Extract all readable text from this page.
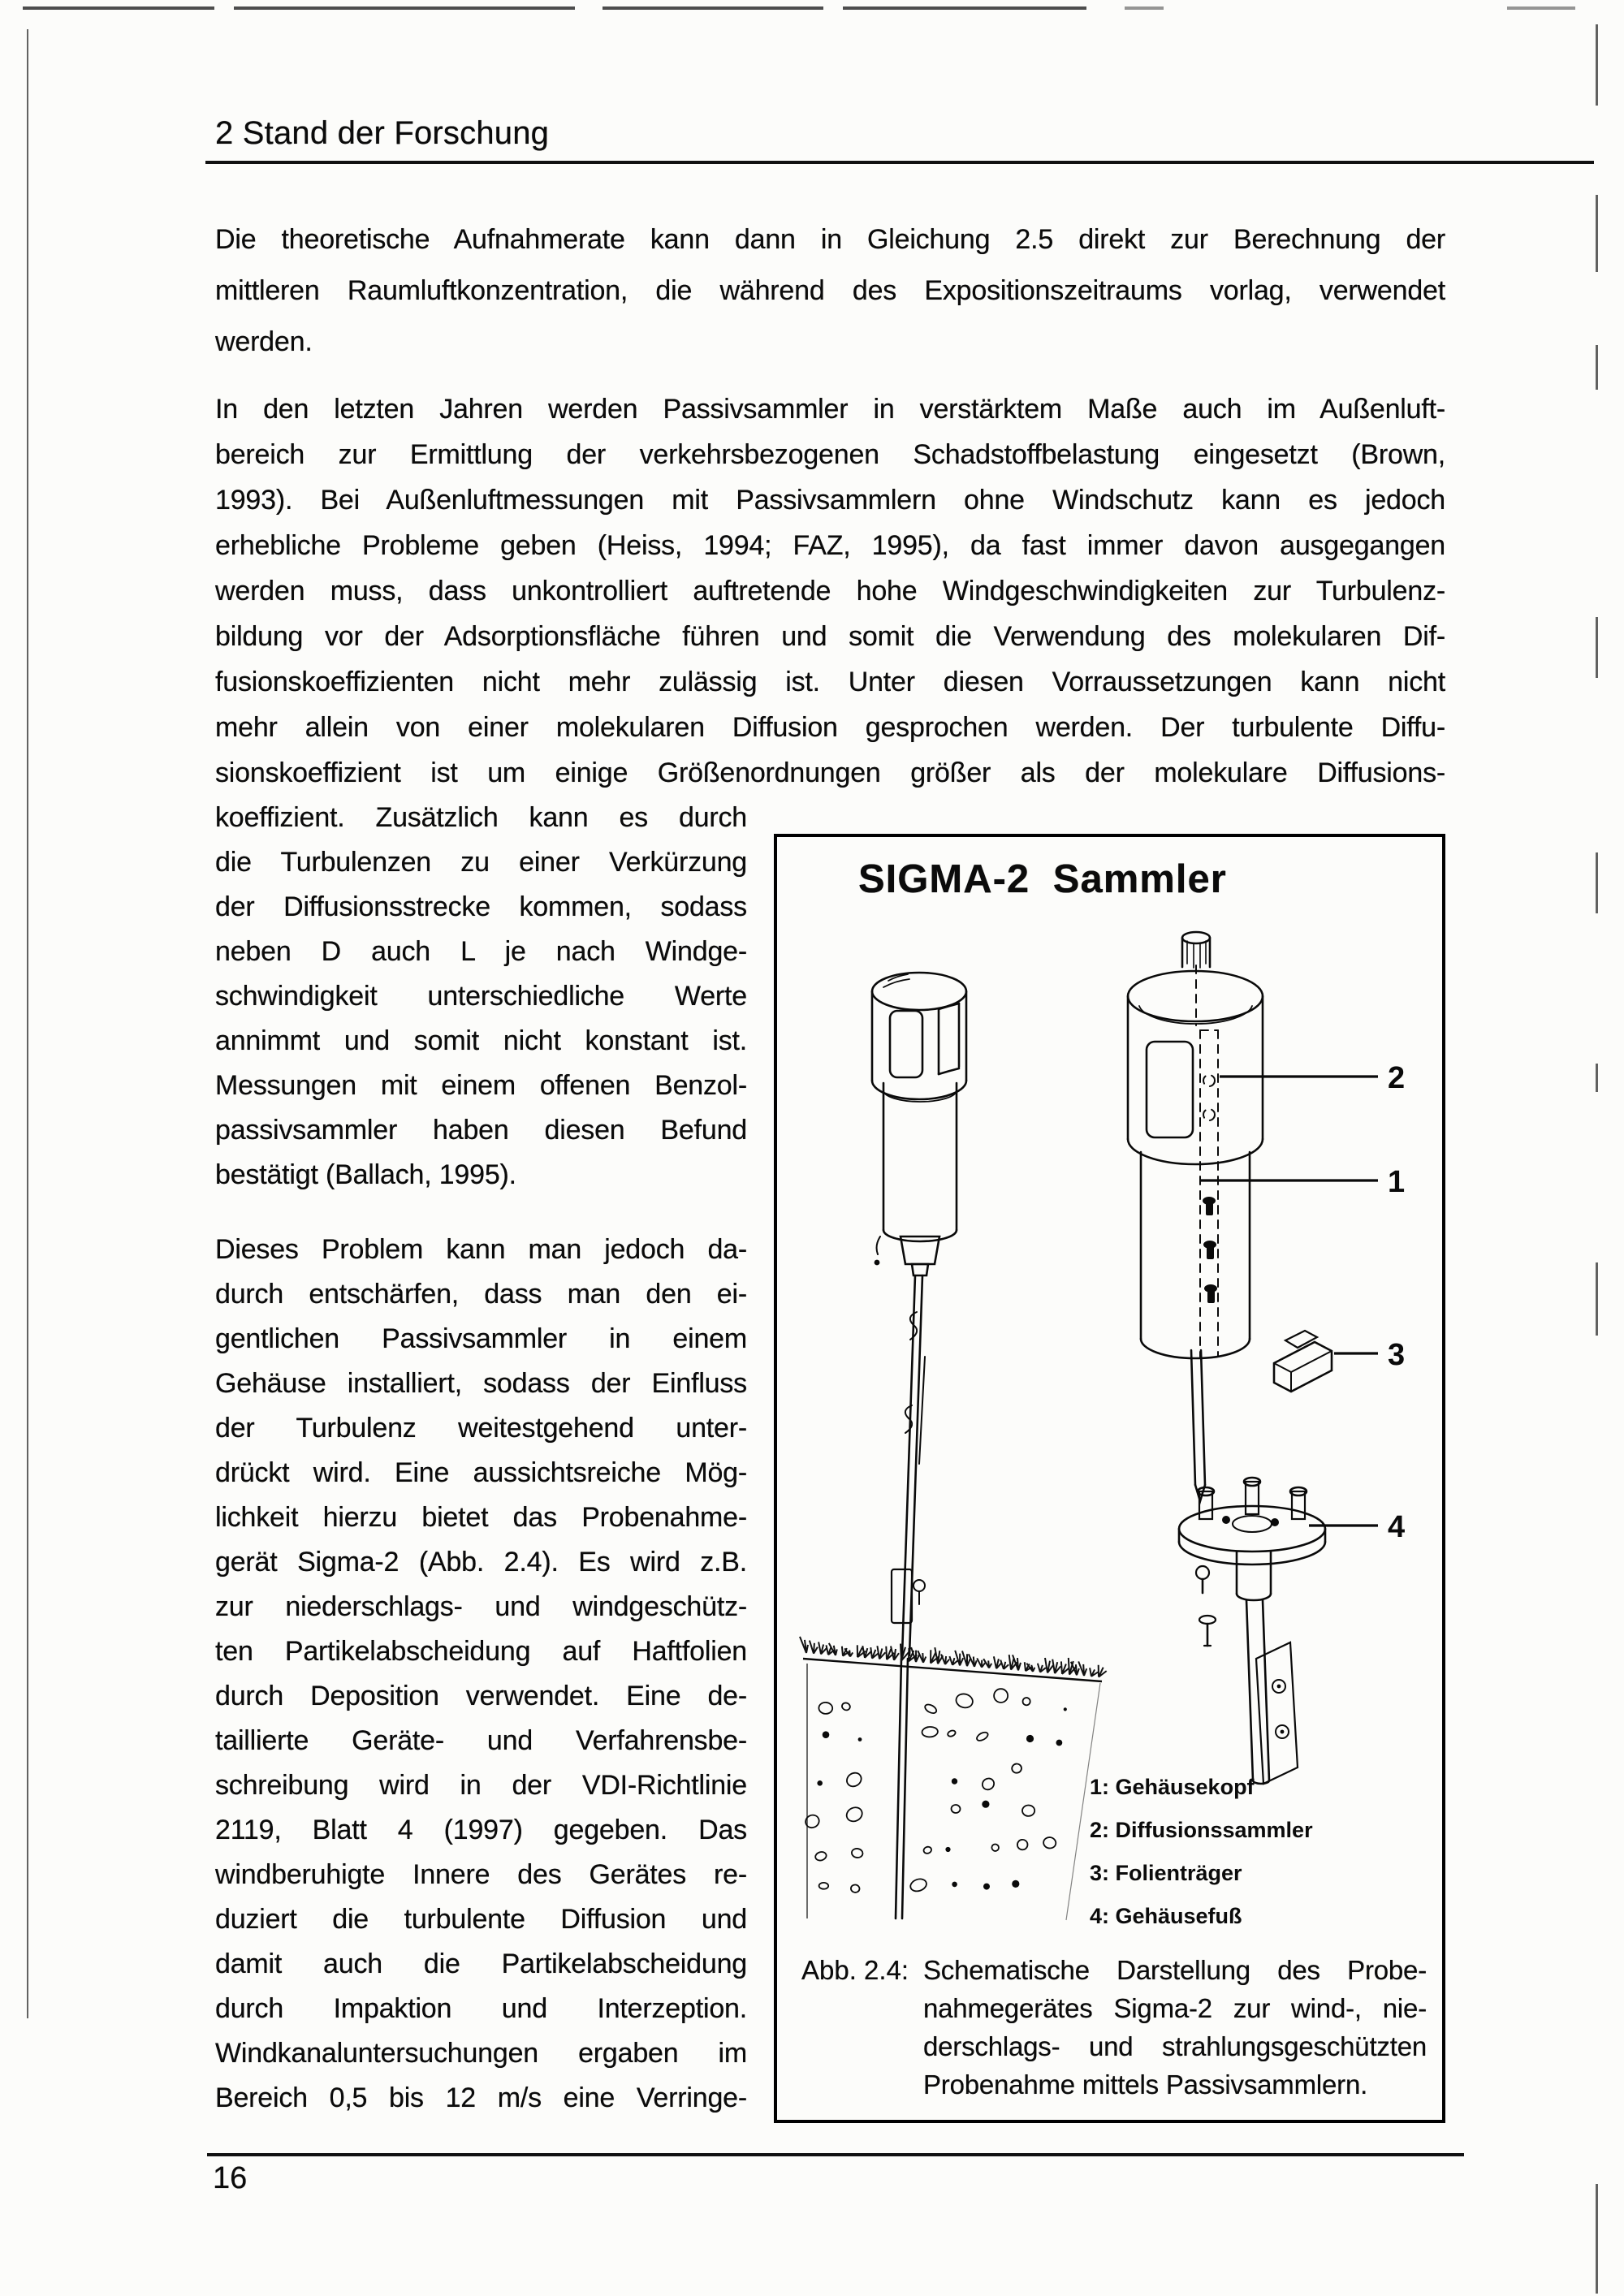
2 Stand der Forschung
Die theoretische Aufnahmerate kann dann in Gleichung 2.5 direkt zur Berechnung der
mittleren Raumluftkonzentration, die während des Expositionszeitraums vorlag, verwendet
werden.
In den letzten Jahren werden Passivsammler in verstärktem Maße auch im Außenluft-
bereich zur Ermittlung der verkehrsbezogenen Schadstoffbelastung eingesetzt (Brown,
1993). Bei Außenluftmessungen mit Passivsammlern ohne Windschutz kann es jedoch
erhebliche Probleme geben (Heiss, 1994; FAZ, 1995), da fast immer davon ausgegangen
werden muss, dass unkontrolliert auftretende hohe Windgeschwindigkeiten zur Turbulenz-
bildung vor der Adsorptionsfläche führen und somit die Verwendung des molekularen Dif-
fusionskoeffizienten nicht mehr zulässig ist. Unter diesen Vorraussetzungen kann nicht
mehr allein von einer molekularen Diffusion gesprochen werden. Der turbulente Diffu-
sionskoeffizient ist um einige Größenordnungen größer als der molekulare Diffusions-
koeffizient. Zusätzlich kann es durch
die Turbulenzen zu einer Verkürzung
der Diffusionsstrecke kommen, sodass
neben D auch L je nach Windge-
schwindigkeit unterschiedliche Werte
annimmt und somit nicht konstant ist.
Messungen mit einem offenen Benzol-
passivsammler haben diesen Befund
bestätigt (Ballach, 1995).
Dieses Problem kann man jedoch da-
durch entschärfen, dass man den ei-
gentlichen Passivsammler in einem
Gehäuse installiert, sodass der Einfluss
der Turbulenz weitestgehend unter-
drückt wird. Eine aussichtsreiche Mög-
lichkeit hierzu bietet das Probenahme-
gerät Sigma-2 (Abb. 2.4). Es wird z.B.
zur niederschlags- und windgeschütz-
ten Partikelabscheidung auf Haftfolien
durch Deposition verwendet. Eine de-
taillierte Geräte- und Verfahrensbe-
schreibung wird in der VDI-Richtlinie
2119, Blatt 4 (1997) gegeben. Das
windberuhigte Innere des Gerätes re-
duziert die turbulente Diffusion und
damit auch die Partikelabscheidung
durch Impaktion und Interzeption.
Windkanaluntersuchungen ergaben im
Bereich 0,5 bis 12 m/s eine Verringe-
SIGMA-2 Sammler
2
1
3
4
1: Gehäusekopf
2: Diffusionssammler
3: Folienträger
4: Gehäusefuß
Abb. 2.4: Schematische Darstellung des Probe-
nahmegerätes Sigma-2 zur wind-, nie-
derschlags- und strahlungsgeschützten
Probenahme mittels Passivsammlern.
16
